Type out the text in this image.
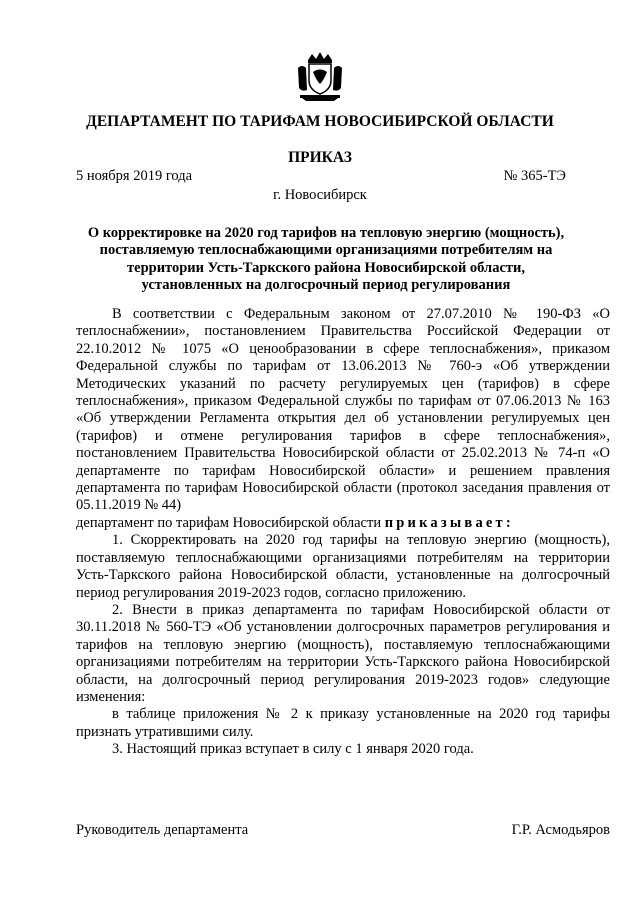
ДЕПАРТАМЕНТ ПО ТАРИФАМ НОВОСИБИРСКОЙ ОБЛАСТИ
ПРИКАЗ
5 ноября 2019 года	№ 365-ТЭ
г. Новосибирск
О корректировке на 2020 год тарифов на тепловую энергию (мощность), поставляемую теплоснабжающими организациями потребителям на территории Усть-Таркского района Новосибирской области, установленных на долгосрочный период регулирования

В соответствии с Федеральным законом от 27.07.2010 № 190-ФЗ «О теплоснабжении», постановлением Правительства Российской Федерации от 22.10.2012 № 1075 «О ценообразовании в сфере теплоснабжения», приказом Федеральной службы по тарифам от 13.06.2013 № 760-э «Об утверждении Методических указаний по расчету регулируемых цен (тарифов) в сфере теплоснабжения», приказом Федеральной службы по тарифам от 07.06.2013 № 163 «Об утверждении Регламента открытия дел об установлении регулируемых цен (тарифов) и отмене регулирования тарифов в сфере теплоснабжения», постановлением Правительства Новосибирской области от 25.02.2013 № 74-п «О департаменте по тарифам Новосибирской области» и решением правления департамента по тарифам Новосибирской области (протокол заседания правления от 05.11.2019 № 44)

департамент по тарифам Новосибирской области приказывает:

1. Скорректировать на 2020 год тарифы на тепловую энергию (мощность), поставляемую теплоснабжающими организациями потребителям на территории Усть-Таркского района Новосибирской области, установленные на долгосрочный период регулирования 2019-2023 годов, согласно приложению.

2. Внести в приказ департамента по тарифам Новосибирской области от 30.11.2018 № 560-ТЭ «Об установлении долгосрочных параметров регулирования и тарифов на тепловую энергию (мощность), поставляемую теплоснабжающими организациями потребителям на территории Усть-Таркского района Новосибирской области, на долгосрочный период регулирования 2019-2023 годов» следующие изменения:

в таблице приложения № 2 к приказу установленные на 2020 год тарифы признать утратившими силу.

3. Настоящий приказ вступает в силу с 1 января 2020 года.

Руководитель департамента	Г.Р. Асмодьяров
